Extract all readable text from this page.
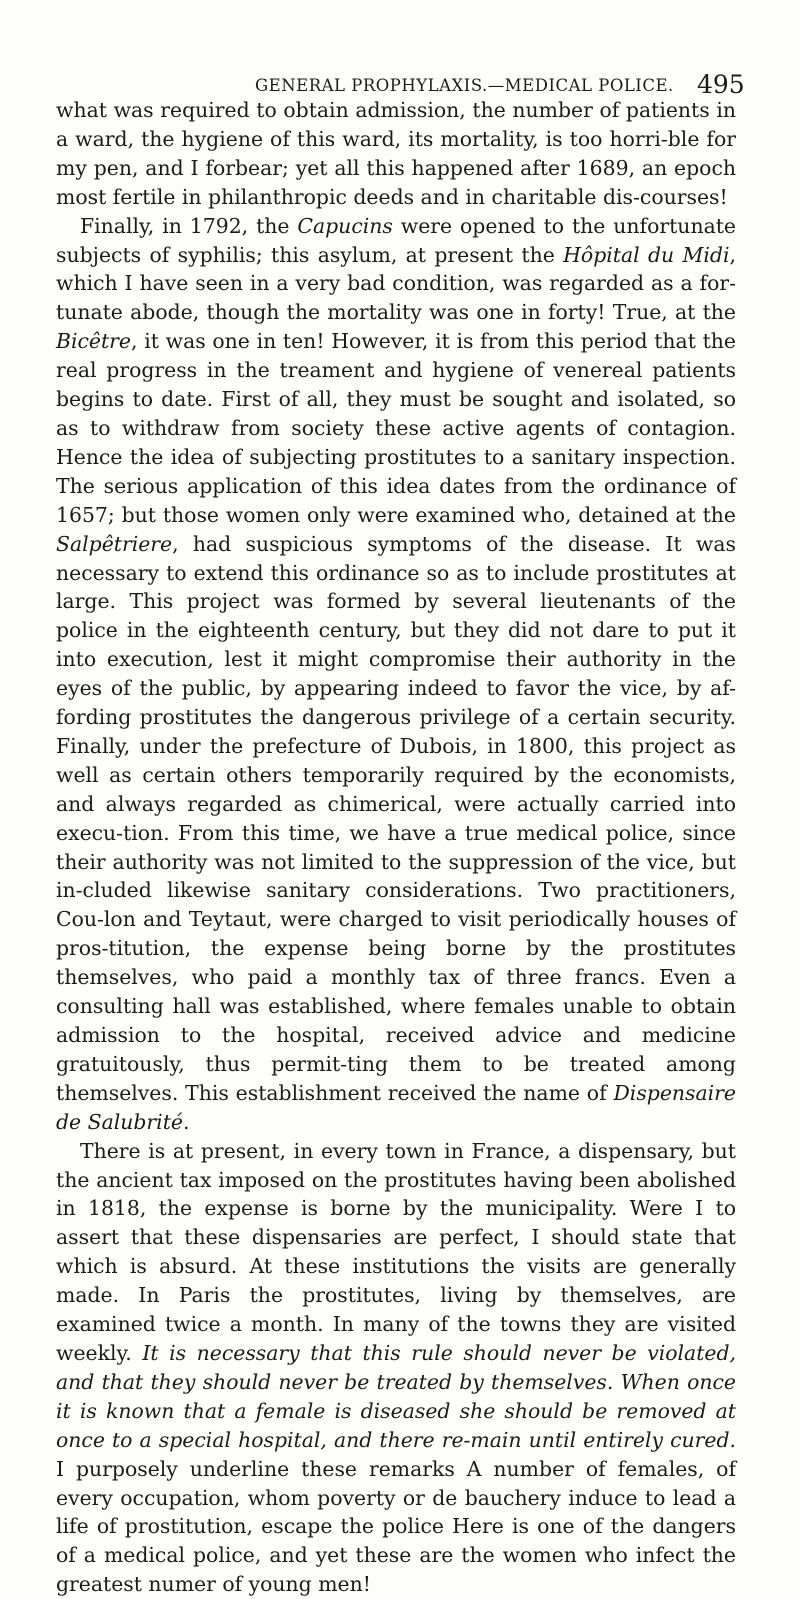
GENERAL PROPHYLAXIS.—MEDICAL POLICE. 495

what was required to obtain admission, the number of patients in a ward, the hygiene of this ward, its mortality, is too horri-ble for my pen, and I forbear; yet all this happened after 1689, an epoch most fertile in philanthropic deeds and in charitable dis-courses!

Finally, in 1792, the Capucins were opened to the unfortunate subjects of syphilis; this asylum, at present the Hôpital du Midi, which I have seen in a very bad condition, was regarded as a for-tunate abode, though the mortality was one in forty! True, at the Bicêtre, it was one in ten! However, it is from this period that the real progress in the treament and hygiene of venereal patients begins to date. First of all, they must be sought and isolated, so as to withdraw from society these active agents of contagion. Hence the idea of subjecting prostitutes to a sanitary inspection. The serious application of this idea dates from the ordinance of 1657; but those women only were examined who, detained at the Salpêtriere, had suspicious symptoms of the disease. It was necessary to extend this ordinance so as to include prostitutes at large. This project was formed by several lieutenants of the police in the eighteenth century, but they did not dare to put it into execution, lest it might compromise their authority in the eyes of the public, by appearing indeed to favor the vice, by af-fording prostitutes the dangerous privilege of a certain security. Finally, under the prefecture of Dubois, in 1800, this project as well as certain others temporarily required by the economists, and always regarded as chimerical, were actually carried into execu-tion. From this time, we have a true medical police, since their authority was not limited to the suppression of the vice, but in-cluded likewise sanitary considerations. Two practitioners, Cou-lon and Teytaut, were charged to visit periodically houses of pros-titution, the expense being borne by the prostitutes themselves, who paid a monthly tax of three francs. Even a consulting hall was established, where females unable to obtain admission to the hospital, received advice and medicine gratuitously, thus permit-ting them to be treated among themselves. This establishment received the name of Dispensaire de Salubrité.

There is at present, in every town in France, a dispensary, but the ancient tax imposed on the prostitutes having been abolished in 1818, the expense is borne by the municipality. Were I to assert that these dispensaries are perfect, I should state that which is absurd. At these institutions the visits are generally made. In Paris the prostitutes, living by themselves, are examined twice a month. In many of the towns they are visited weekly. It is necessary that this rule should never be violated, and that they should never be treated by themselves. When once it is known that a female is diseased she should be removed at once to a special hospital, and there re-main until entirely cured. I purposely underline these remarks A number of females, of every occupation, whom poverty or de bauchery induce to lead a life of prostitution, escape the police Here is one of the dangers of a medical police, and yet these are the women who infect the greatest numer of young men!
